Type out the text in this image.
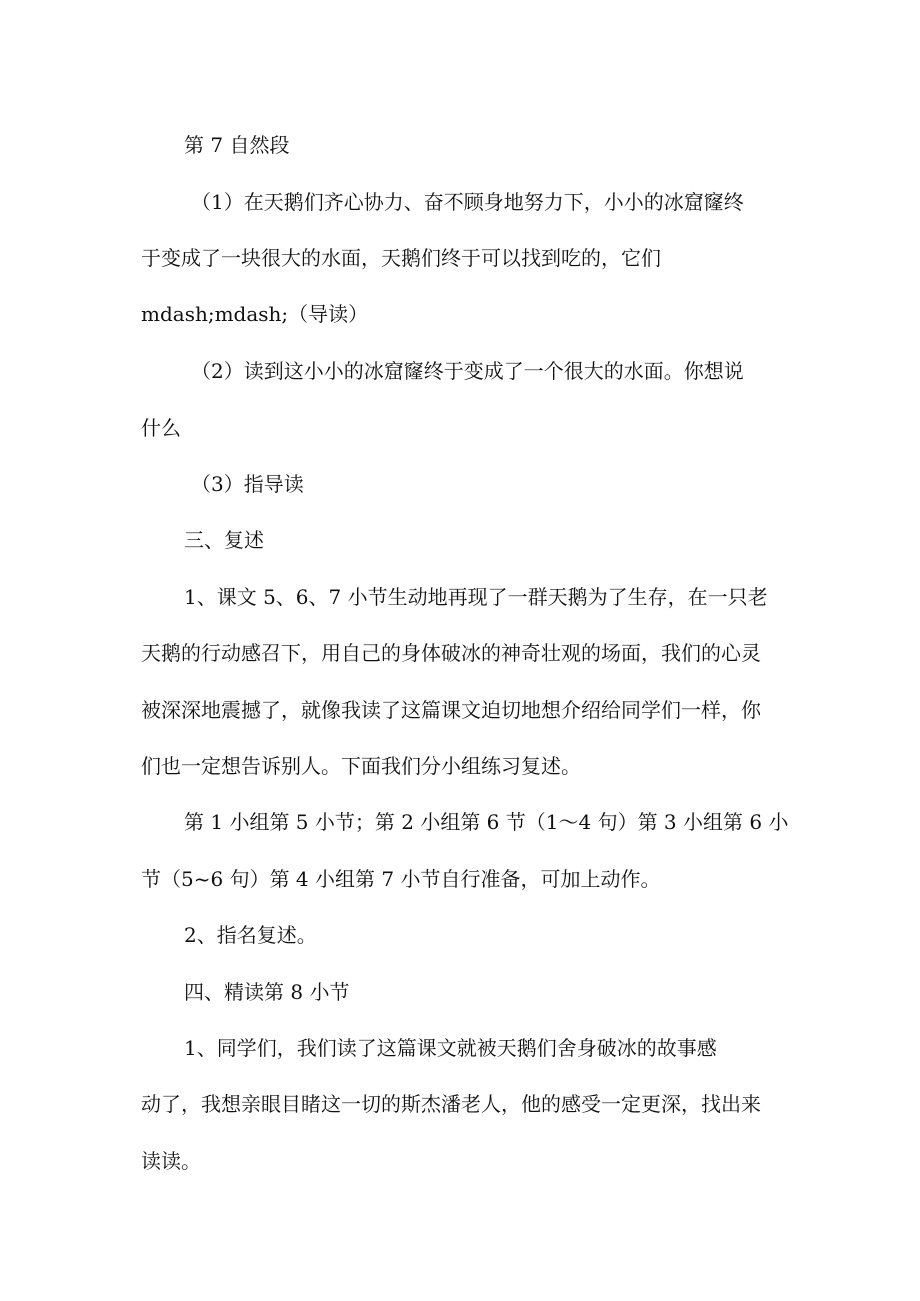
第 7 自然段
（1）在天鹅们齐心协力、奋不顾身地努力下，小小的冰窟窿终
于变成了一块很大的水面，天鹅们终于可以找到吃的，它们
mdash;mdash;（导读）
（2）读到这小小的冰窟窿终于变成了一个很大的水面。你想说
什么
（3）指导读
三、复述
1、课文 5、6、7 小节生动地再现了一群天鹅为了生存，在一只老
天鹅的行动感召下，用自己的身体破冰的神奇壮观的场面，我们的心灵
被深深地震撼了，就像我读了这篇课文迫切地想介绍给同学们一样，你
们也一定想告诉别人。下面我们分小组练习复述。
第 1 小组第 5 小节；第 2 小组第 6 节（1～4 句）第 3 小组第 6 小
节（5~6 句）第 4 小组第 7 小节自行准备，可加上动作。
2、指名复述。
四、精读第 8 小节
1、同学们，我们读了这篇课文就被天鹅们舍身破冰的故事感
动了，我想亲眼目睹这一切的斯杰潘老人，他的感受一定更深，找出来
读读。
